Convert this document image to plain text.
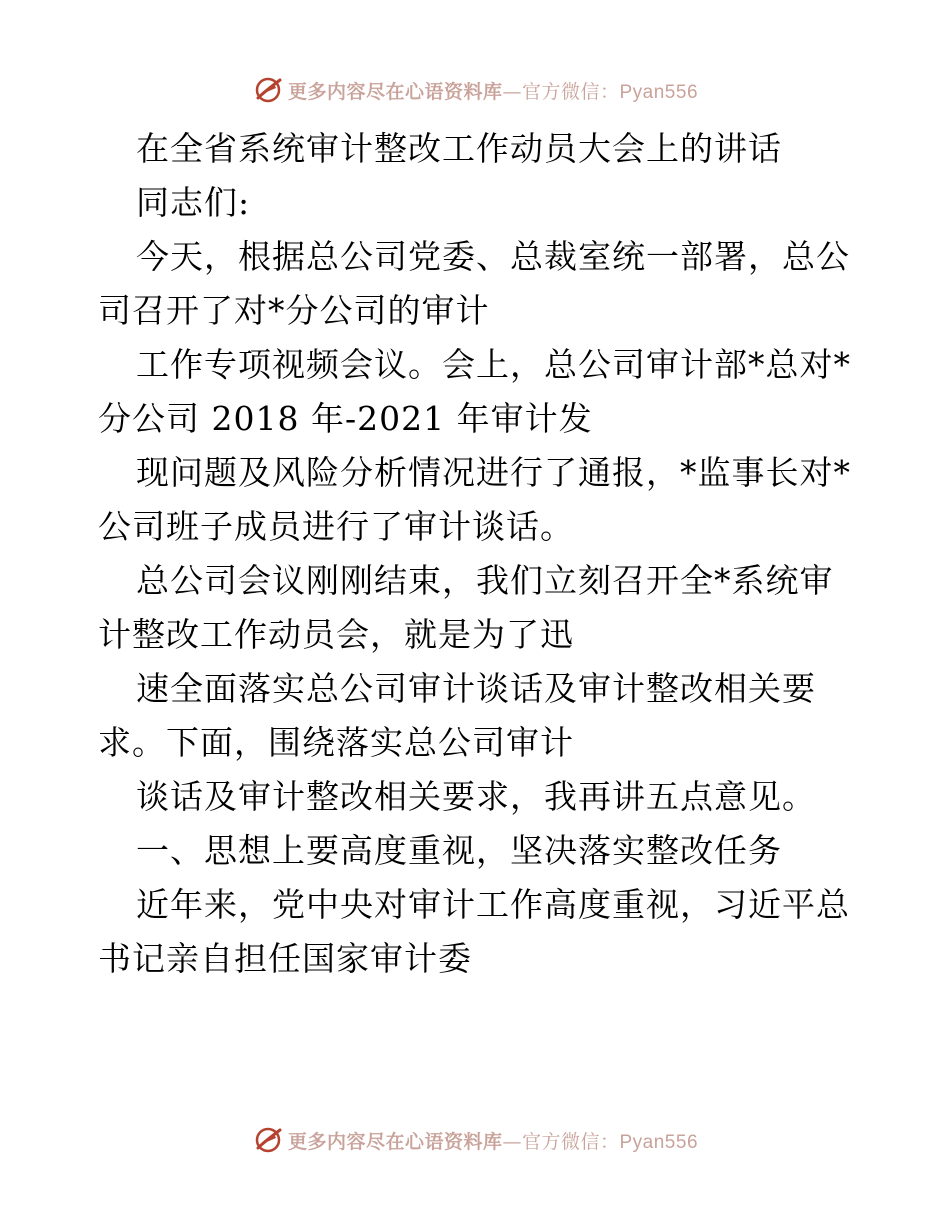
更多内容尽在心语资料库—官方微信：Pyan556
在全省系统审计整改工作动员大会上的讲话
同志们:
今天，根据总公司党委、总裁室统一部署，总公
司召开了对*分公司的审计
工作专项视频会议。会上，总公司审计部*总对*
分公司 2018 年-2021 年审计发
现问题及风险分析情况进行了通报，*监事长对*
公司班子成员进行了审计谈话。
总公司会议刚刚结束，我们立刻召开全*系统审
计整改工作动员会，就是为了迅
速全面落实总公司审计谈话及审计整改相关要
求。下面，围绕落实总公司审计
谈话及审计整改相关要求，我再讲五点意见。
一、思想上要高度重视，坚决落实整改任务
近年来，党中央对审计工作高度重视，习近平总
书记亲自担任国家审计委
更多内容尽在心语资料库—官方微信：Pyan556
